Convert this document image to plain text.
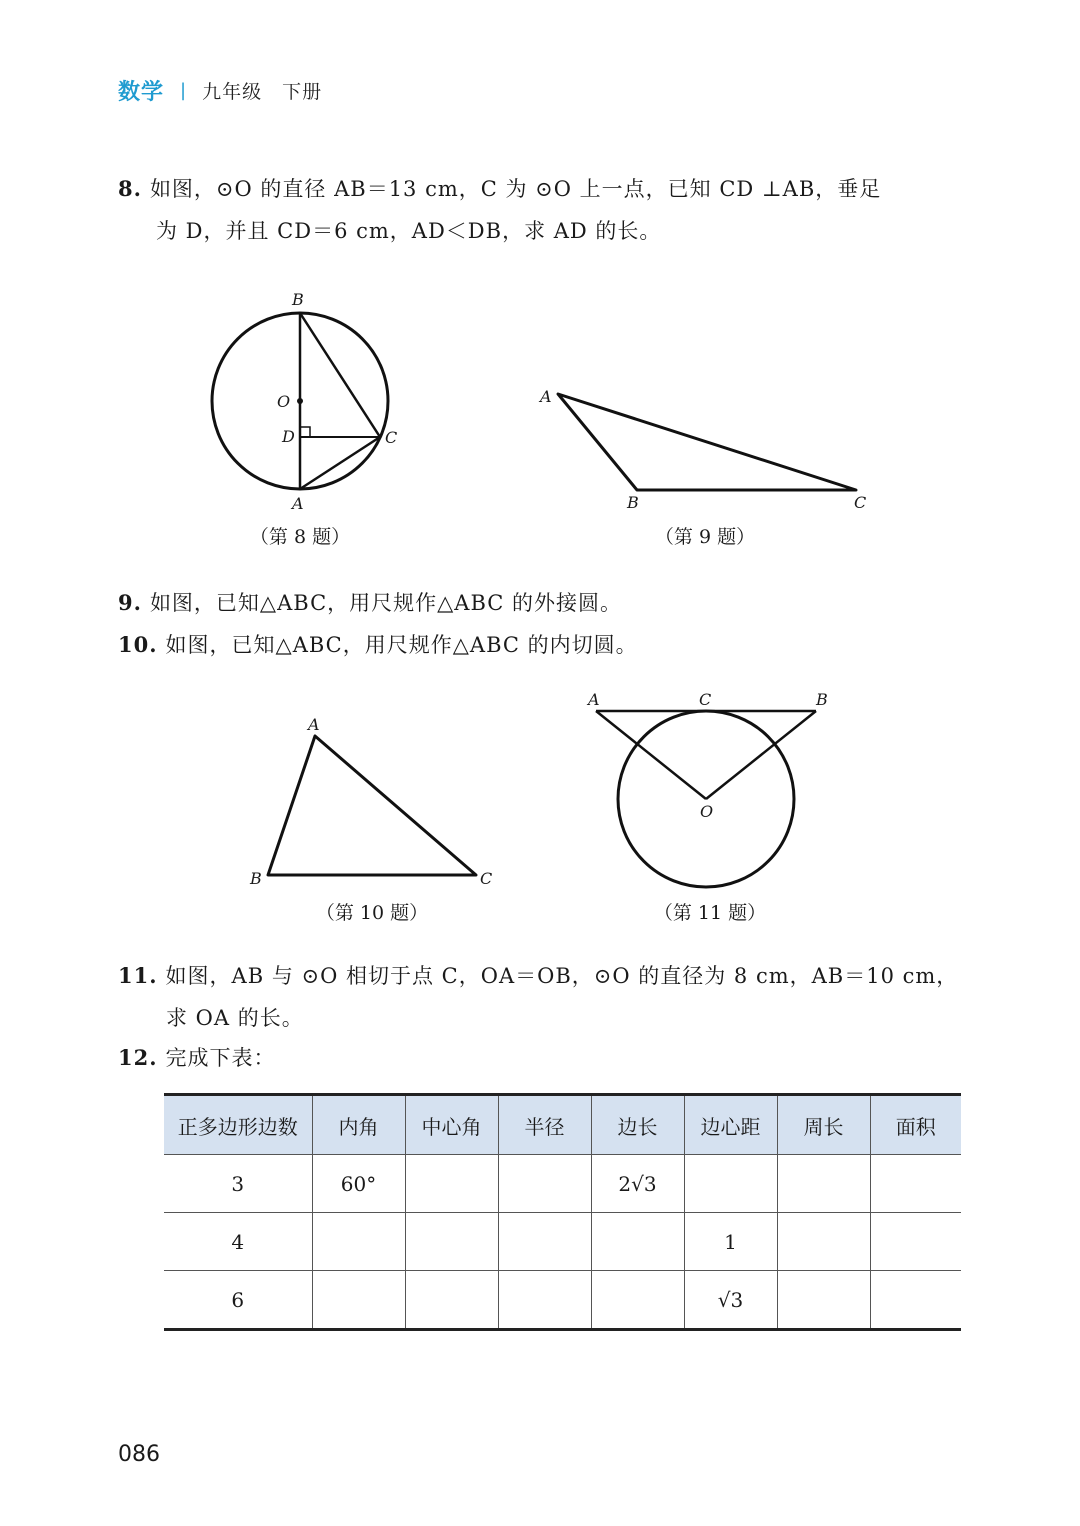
数学 | 九年级　下册
8. 如图，⊙O 的直径 AB＝13 cm，C 为 ⊙O 上一点，已知 CD ⊥AB，垂足
为 D，并且 CD＝6 cm，AD＜DB，求 AD 的长。
B
O
D	C
A
（第 8 题）
A
B	C
（第 9 题）
9. 如图，已知△ABC，用尺规作△ABC 的外接圆。
10. 如图，已知△ABC，用尺规作△ABC 的内切圆。
A
B	C
（第 10 题）
A	C	B
O
（第 11 题）
11. 如图，AB 与 ⊙O 相切于点 C，OA＝OB，⊙O 的直径为 8 cm，AB＝10 cm，
求 OA 的长。
12. 完成下表：
正多边形边数	内角	中心角	半径	边长	边心距	周长	面积
3	60°			2√3			
4					1		
6					√3		
086
